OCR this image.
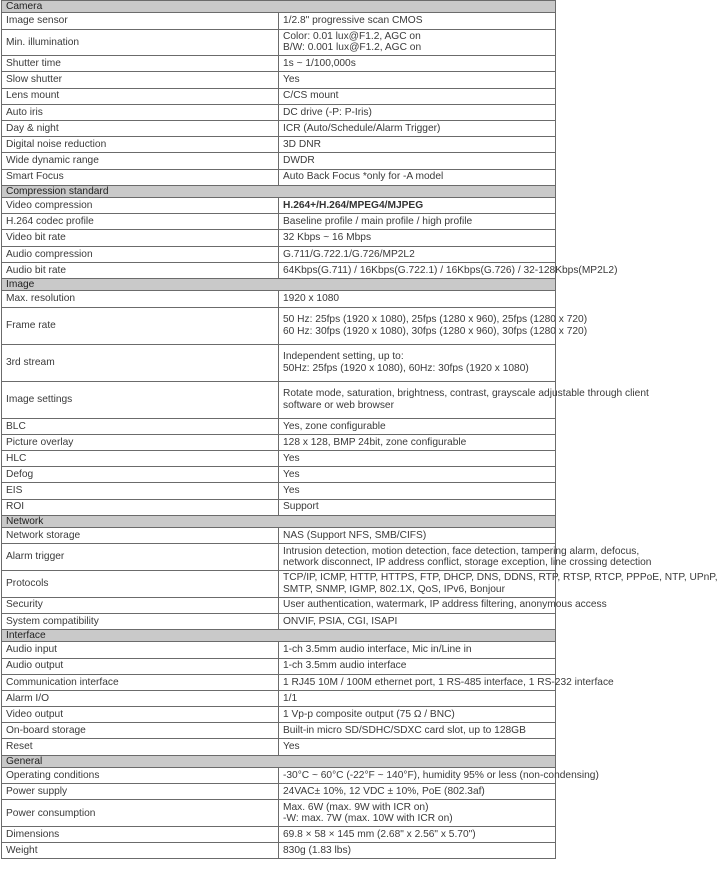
Camera	
Image sensor	1/2.8" progressive scan CMOS

Min. illumination	Color: 0.01 lux@F1.2, AGC on
B/W: 0.001 lux@F1.2, AGC on

Shutter time	1s ~ 1/100,000s

Slow shutter	Yes

Lens mount	C/CS mount

Auto iris	DC drive (-P: P-Iris)

Day & night	ICR (Auto/Schedule/Alarm Trigger)

Digital noise reduction	3D DNR

Wide dynamic range	DWDR

Smart Focus	Auto Back Focus *only for -A model

Compression standard	
Video compression	H.264+/H.264/MPEG4/MJPEG

H.264 codec profile	Baseline profile / main profile / high profile

Video bit rate	32 Kbps ~ 16 Mbps

Audio compression	G.711/G.722.1/G.726/MP2L2

Audio bit rate	64Kbps(G.711) / 16Kbps(G.722.1) / 16Kbps(G.726) / 32-128Kbps(MP2L2)

Image	
Max. resolution	1920 x 1080

Frame rate	50 Hz: 25fps (1920 x 1080), 25fps (1280 x 960), 25fps (1280 x 720)
60 Hz: 30fps (1920 x 1080), 30fps (1280 x 960), 30fps (1280 x 720)

3rd stream	Independent setting, up to:
50Hz: 25fps (1920 x 1080), 60Hz: 30fps (1920 x 1080)

Image settings	Rotate mode, saturation, brightness, contrast, grayscale adjustable through client
software or web browser

BLC	Yes, zone configurable

Picture overlay	128 x 128, BMP 24bit, zone configurable

HLC	Yes

Defog	Yes

EIS	Yes

ROI	Support

Network	
Network storage	NAS (Support NFS, SMB/CIFS)

Alarm trigger	Intrusion detection, motion detection, face detection, tampering alarm, defocus,
network disconnect, IP address conflict, storage exception, line crossing detection

Protocols	TCP/IP, ICMP, HTTP, HTTPS, FTP, DHCP, DNS, DDNS, RTP, RTSP, RTCP, PPPoE, NTP, UPnP,
SMTP, SNMP, IGMP, 802.1X, QoS, IPv6, Bonjour

Security	User authentication, watermark, IP address filtering, anonymous access

System compatibility	ONVIF, PSIA, CGI, ISAPI

Interface	
Audio input	1-ch 3.5mm audio interface, Mic in/Line in

Audio output	1-ch 3.5mm audio interface

Communication interface	1 RJ45 10M / 100M ethernet port, 1 RS-485 interface, 1 RS-232 interface

Alarm I/O	1/1

Video output	1 Vp-p composite output (75 Ω / BNC)

On-board storage	Built-in micro SD/SDHC/SDXC card slot, up to 128GB

Reset	Yes

General	
Operating conditions	-30°C ~ 60°C (-22°F ~ 140°F), humidity 95% or less (non-condensing)

Power supply	24VAC± 10%, 12 VDC ± 10%, PoE (802.3af)

Power consumption	Max. 6W (max. 9W with ICR on)
-W: max. 7W (max. 10W with ICR on)

Dimensions	69.8 × 58 × 145 mm (2.68" x 2.56" x 5.70")

Weight	830g (1.83 lbs)
